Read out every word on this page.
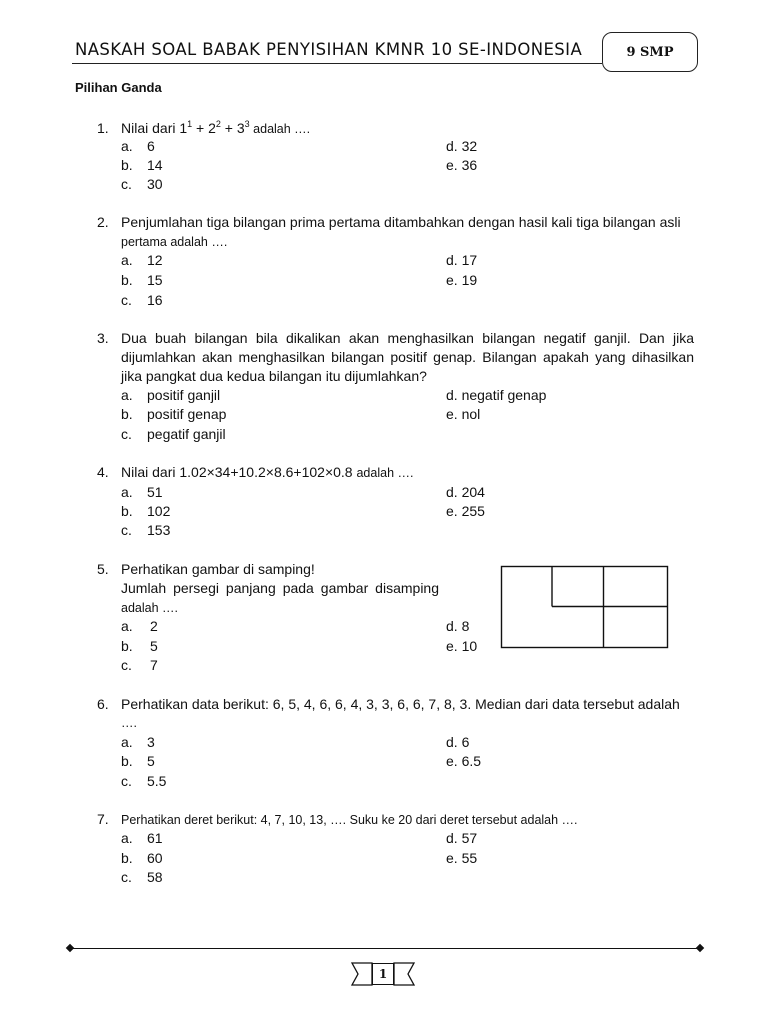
NASKAH SOAL BABAK PENYISIHAN KMNR 10 SE-INDONESIA	9 SMP
Pilihan Ganda
1. Nilai dari $1^1 + 2^2 + 3^3$ adalah ….
a. 6
b. 14
c. 30
d. 32
e. 36
2. Penjumlahan tiga bilangan prima pertama ditambahkan dengan hasil kali tiga bilangan asli
pertama adalah ….
a. 12
b. 15
c. 16
d. 17
e. 19
3. Dua buah bilangan bila dikalikan akan menghasilkan bilangan negatif ganjil. Dan jika
dijumlahkan akan menghasilkan bilangan positif genap. Bilangan apakah yang dihasilkan
jika pangkat dua kedua bilangan itu dijumlahkan?
a. positif ganjil
b. positif genap
c. pegatif ganjil
d. negatif genap
e. nol
4. Nilai dari 1.02×34+10.2×8.6+102×0.8 adalah ….
a. 51
b. 102
c. 153
d. 204
e. 255
5. Perhatikan gambar di samping!
Jumlah persegi panjang pada gambar disamping
adalah ….
a. 2
b. 5
c. 7
d. 8
e. 10
6. Perhatikan data berikut: 6, 5, 4, 6, 6, 4, 3, 3, 6, 6, 7, 8, 3. Median dari data tersebut adalah
….
a. 3
b. 5
c. 5.5
d. 6
e. 6.5
7. Perhatikan deret berikut: 4, 7, 10, 13, …. Suku ke 20 dari deret tersebut adalah ….
a. 61
b. 60
c. 58
d. 57
e. 55
1
